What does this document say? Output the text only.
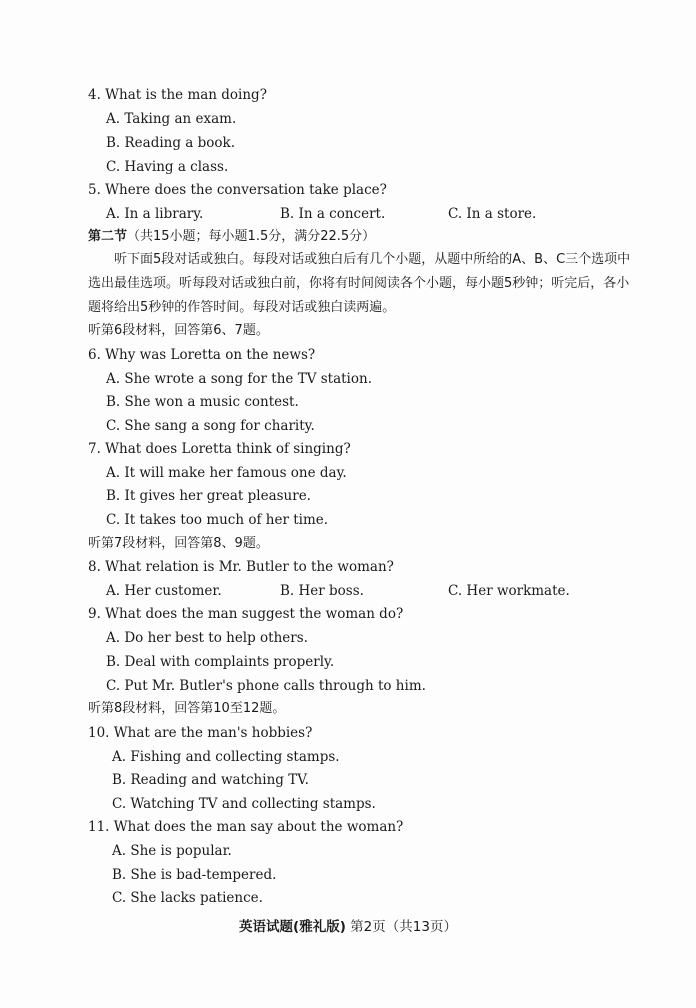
4. What is the man doing?
A. Taking an exam.
B. Reading a book.
C. Having a class.
5. Where does the conversation take place?
A. In a library.	B. In a concert.	C. In a store.
第二节（共15小题；每小题1.5分，满分22.5分）
听下面5段对话或独白。每段对话或独白后有几个小题，从题中所给的A、B、C三个选项中选出最佳选项。听每段对话或独白前，你将有时间阅读各个小题，每小题5秒钟；听完后，各小题将给出5秒钟的作答时间。每段对话或独白读两遍。
听第6段材料，回答第6、7题。
6. Why was Loretta on the news?
A. She wrote a song for the TV station.
B. She won a music contest.
C. She sang a song for charity.
7. What does Loretta think of singing?
A. It will make her famous one day.
B. It gives her great pleasure.
C. It takes too much of her time.
听第7段材料，回答第8、9题。
8. What relation is Mr. Butler to the woman?
A. Her customer.	B. Her boss.	C. Her workmate.
9. What does the man suggest the woman do?
A. Do her best to help others.
B. Deal with complaints properly.
C. Put Mr. Butler's phone calls through to him.
听第8段材料，回答第10至12题。
10. What are the man's hobbies?
A. Fishing and collecting stamps.
B. Reading and watching TV.
C. Watching TV and collecting stamps.
11. What does the man say about the woman?
A. She is popular.
B. She is bad-tempered.
C. She lacks patience.
英语试题(雅礼版) 第2页（共13页）
